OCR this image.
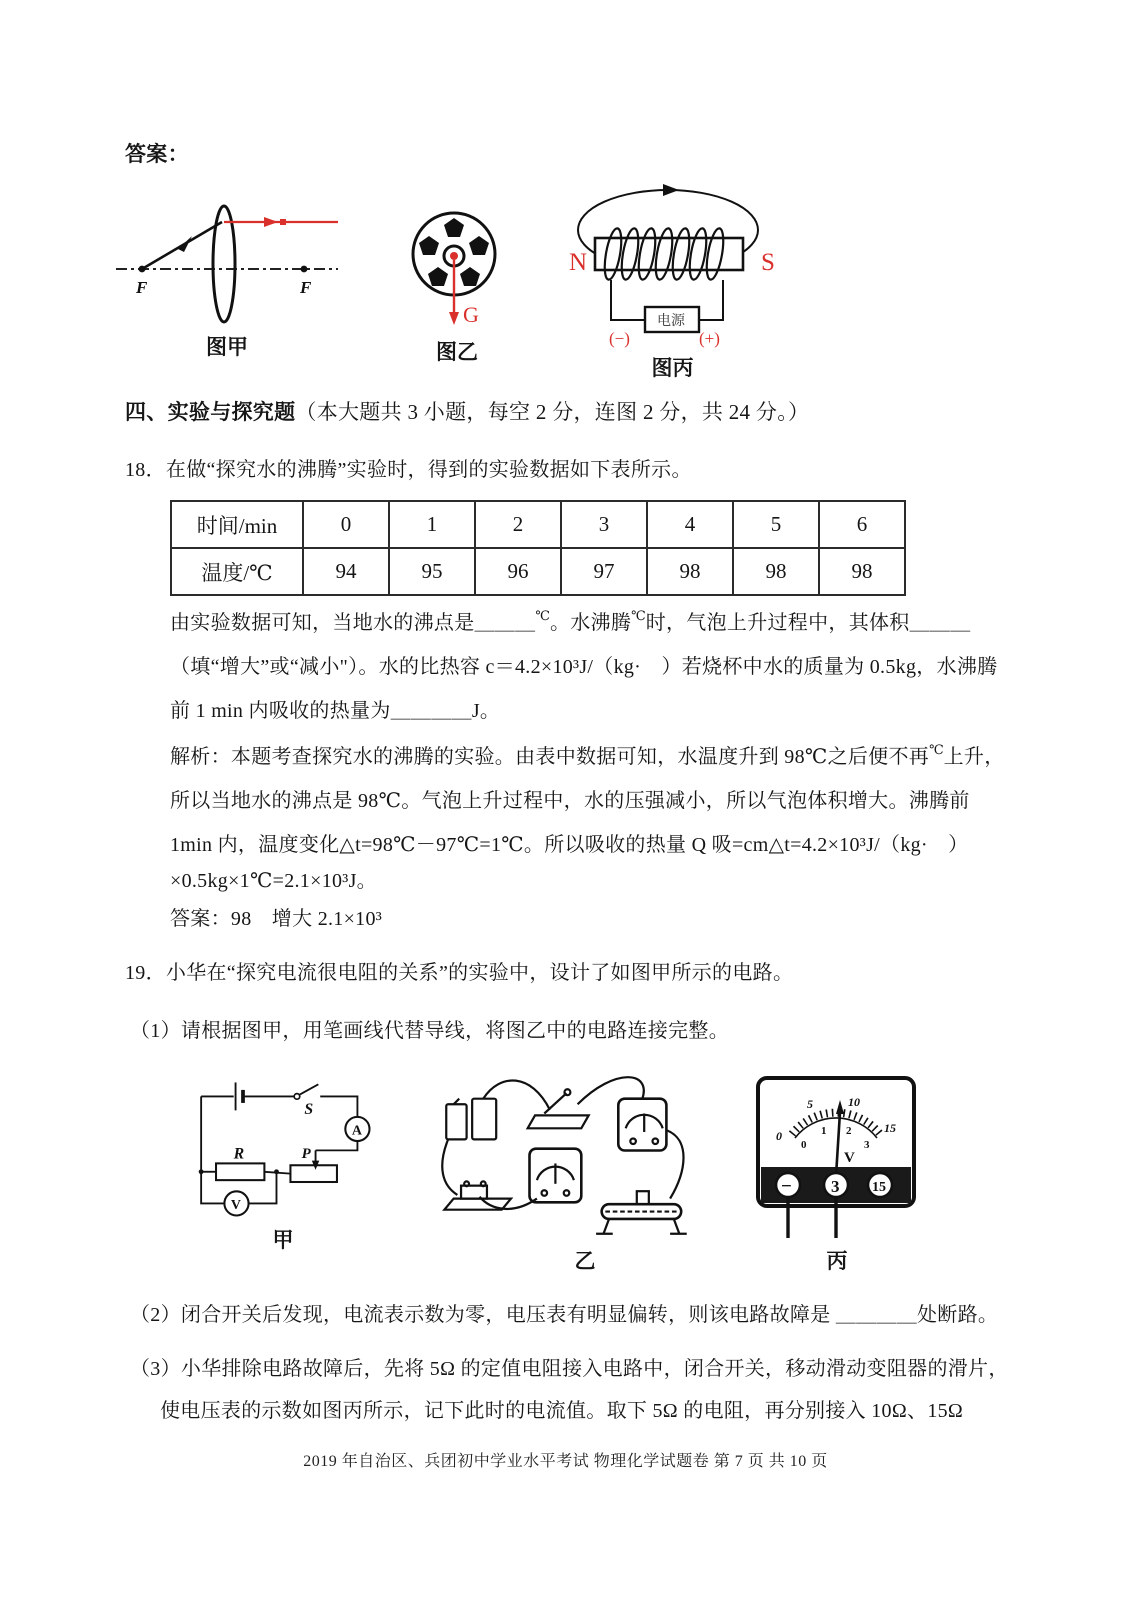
答案：
F	F
图甲
G
图乙
电源
(−)	(+)
N	S
图丙
四、实验与探究题（本大题共 3 小题，每空 2 分，连图 2 分，共 24 分。）
18．在做“探究水的沸腾”实验时，得到的实验数据如下表所示。
时间/min	0	1	2	3	4	5	6
温度/℃	94	95	96	97	98	98	98
由实验数据可知，当地水的沸点是＿＿＿℃。水沸腾℃时，气泡上升过程中，其体积＿＿＿
（填“增大”或“减小"）。水的比热容 c＝4.2×10³J/（kg·　）若烧杯中水的质量为 0.5kg，水沸腾
前 1 min 内吸收的热量为＿＿＿＿J。
解析：本题考查探究水的沸腾的实验。由表中数据可知，水温度升到 98℃之后便不再℃上升，
所以当地水的沸点是 98℃。气泡上升过程中，水的压强减小，所以气泡体积增大。沸腾前
1min 内，温度变化△t=98℃－97℃=1℃。所以吸收的热量 Q 吸=cm△t=4.2×10³J/（kg·　）
×0.5kg×1℃=2.1×10³J。
答案：98　增大 2.1×10³
19．小华在“探究电流很电阻的关系”的实验中，设计了如图甲所示的电路。
（1）请根据图甲，用笔画线代替导线，将图乙中的电路连接完整。
S
A
R	P
V
甲
乙
0
5	10
15
0
1 2
3
V
− 3 15
丙
（2）闭合开关后发现，电流表示数为零，电压表有明显偏转，则该电路故障是 ＿＿＿＿处断路。
（3）小华排除电路故障后，先将 5Ω 的定值电阻接入电路中，闭合开关，移动滑动变阻器的滑片，
使电压表的示数如图丙所示，记下此时的电流值。取下 5Ω 的电阻，再分别接入 10Ω、15Ω
2019 年自治区、兵团初中学业水平考试 物理化学试题卷 第 7 页 共 10 页
